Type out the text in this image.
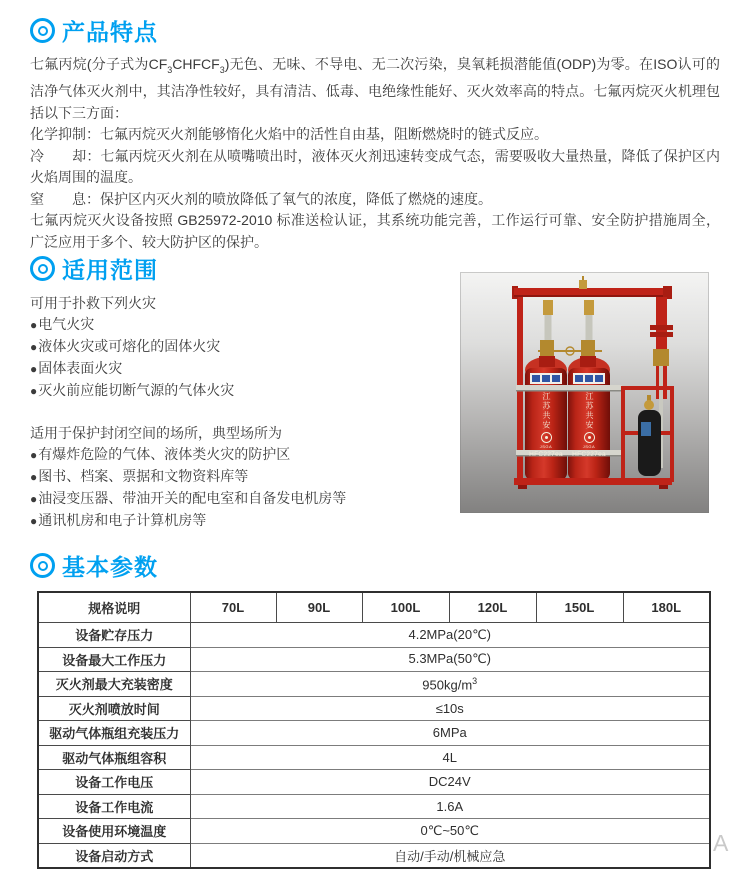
产品特点

七氟丙烷(分子式为$CF_3CHFCF_3$)无色、无味、不导电、无二次污染，臭氧耗损潜能值(ODP)为零。在ISO认可的洁净气体灭火剂中，其洁净性较好，具有清洁、低毒、电绝缘性能好、灭火效率高的特点。七氟丙烷灭火机理包括以下三方面：

化学抑制：七氟丙烷灭火剂能够惰化火焰中的活性自由基，阻断燃烧时的链式反应。

冷　　却：七氟丙烷灭火剂在从喷嘴喷出时，液体灭火剂迅速转变成气态，需要吸收大量热量，降低了保护区内火焰周围的温度。

窒　　息：保护区内灭火剂的喷放降低了氧气的浓度，降低了燃烧的速度。

七氟丙烷灭火设备按照 GB25972-2010 标准送检认证，其系统功能完善，工作运行可靠、安全防护措施周全，广泛应用于多个、较大防护区的保护。

适用范围
可用于扑救下列火灾
● 电气火灾
● 液体火灾或可熔化的固体火灾
● 固体表面火灾
● 灭火前应能切断气源的气体火灾
适用于保护封闭空间的场所，典型场所为
● 有爆炸危险的气体、液体类火灾的防护区
● 图书、档案、票据和文物资料库等
● 油浸变压器、带油开关的配电室和自备发电机房等
● 通讯机房和电子计算机房等
江苏共安
JSGA
HFC227ea
江苏共安
JSGA
HFC227ea
基本参数
规格说明	70L	90L	100L	120L	150L	180L
设备贮存压力	4.2MPa(20℃)					
设备最大工作压力	5.3MPa(50℃)					
灭火剂最大充装密度	$950kg/m^3$
灭火剂喷放时间	≤10s					
驱动气体瓶组充装压力	6MPa					
驱动气体瓶组容积	4L					
设备工作电压	DC24V					
设备工作电流	1.6A					
设备使用环境温度	0℃~50℃					
设备启动方式	自动/手动/机械应急					
A
